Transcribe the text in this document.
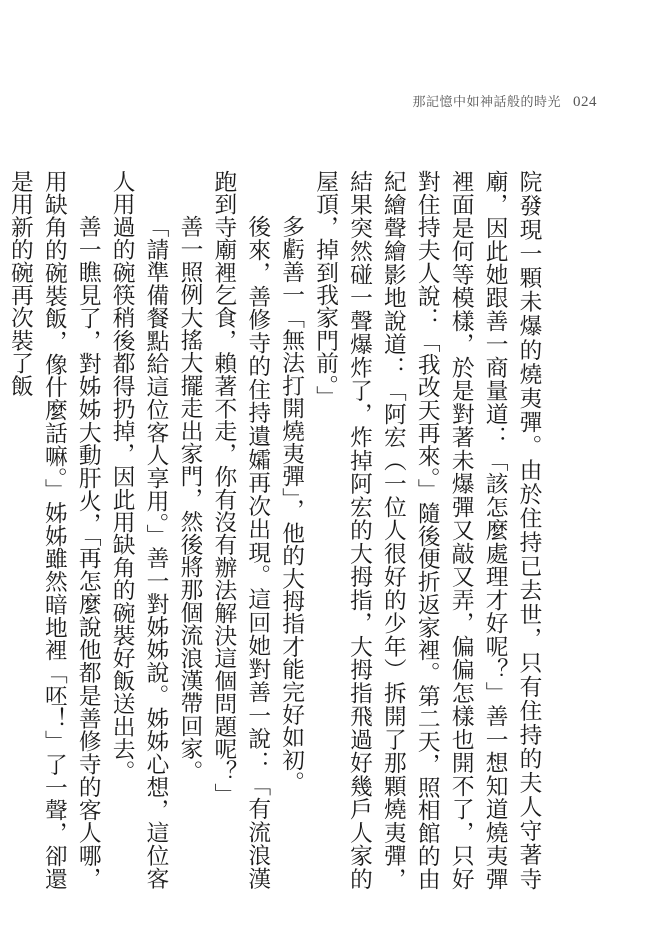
那記憶中如神話般的時光 024

院發現一顆未爆的燒夷彈。由於住持已去世，只有住持的夫人守著寺廟，因此她跟善一商量道：「該怎麼處理才好呢？」善一想知道燒夷彈裡面是何等模樣，於是對著未爆彈又敲又弄，偏偏怎樣也開不了，只好對住持夫人說：「我改天再來。」隨後便折返家裡。第二天，照相館的由紀繪聲繪影地說道：「阿宏（一位人很好的少年）拆開了那顆燒夷彈，結果突然碰一聲爆炸了，炸掉阿宏的大拇指，大拇指飛過好幾戶人家的屋頂，掉到我家門前。」

多虧善一「無法打開燒夷彈」，他的大拇指才能完好如初。

後來，善修寺的住持遺孀再次出現。這回她對善一說：「有流浪漢跑到寺廟裡乞食，賴著不走，你有沒有辦法解決這個問題呢？」

善一照例大搖大擺走出家門，然後將那個流浪漢帶回家。

「請準備餐點給這位客人享用。」善一對姊姊說。姊姊心想，這位客人用過的碗筷稍後都得扔掉，因此用缺角的碗裝好飯送出去。

善一瞧見了，對姊姊大動肝火，「再怎麼說他都是善修寺的客人哪，用缺角的碗裝飯，像什麼話嘛。」姊姊雖然暗地裡「呸！」了一聲，卻還是用新的碗再次裝了飯
